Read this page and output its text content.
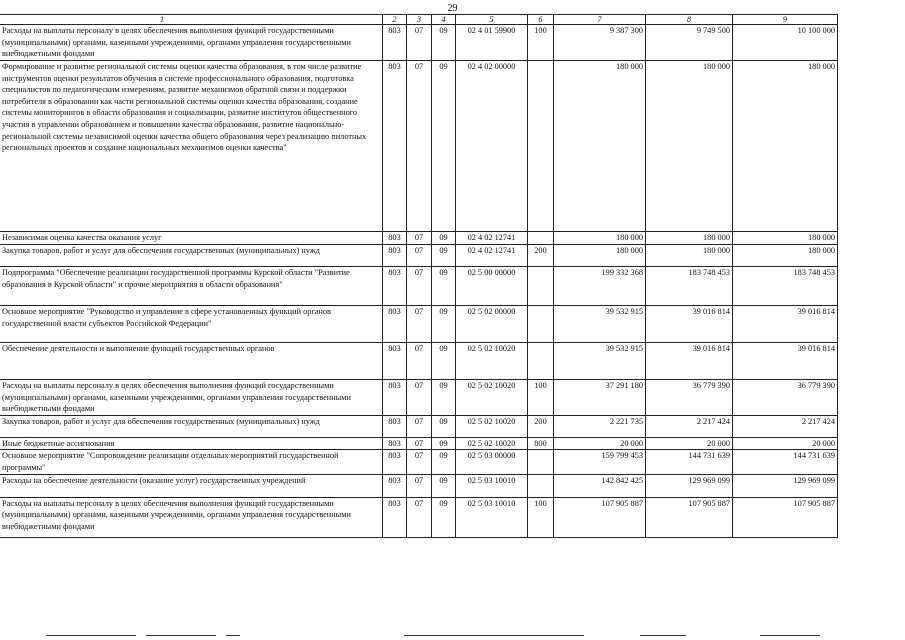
29
1	2	3	4	5	6	7	8	9
Расходы на выплаты персоналу в целях обеспечения выполнения функций государственными (муниципальными) органами, казенными учреждениями, органами управления государственными внебюджетными фондами	803	07	09	02 4 01 59900	100	9 387 300	9 749 500	10 100 000
Формирование и развитие региональной системы оценки качества образования, в том числе развитие инструментов оценки результатов обучения в системе профессионального образования, подготовка специалистов по педагогическим измерениям, развитие механизмов обратной связи и поддержки потребителя в образовании как части региональной системы оценки качества образования, создание системы мониторингов в области образования и социализации, развитие институтов общественного участия в управлении образованием и повышении качества образования, развитие национально-региональной системы независимой оценки качества общего образования через реализацию пилотных региональных проектов и создание национальных механизмов оценки качества"	803	07	09	02 4 02 00000		180 000	180 000	180 000
Независимая оценка качества оказания услуг	803	07	09	02 4 02 12741		180 000	180 000	180 000
Закупка товаров, работ и услуг для обеспечения государственных (муниципальных) нужд	803	07	09	02 4 02 12741	200	180 000	180 000	180 000
Подпрограмма "Обеспечение реализации государственной программы Курской области "Развитие образования в Курской области" и прочие мероприятия в области образования"	803	07	09	02 5 00 00000		199 332 368	183 748 453	183 748 453
Основное мероприятие "Руководство и управление в сфере установленных функций органов государственной власти субъектов Российской Федерации"	803	07	09	02 5 02 00000		39 532 915	39 016 814	39 016 814
Обеспечение деятельности и выполнение функций государственных органов	803	07	09	02 5 02 10020		39 532 915	39 016 814	39 016 814
Расходы на выплаты персоналу в целях обеспечения выполнения функций государственными (муниципальными) органами, казенными учреждениями, органами управления государственными внебюджетными фондами	803	07	09	02 5 02 10020	100	37 291 180	36 779 390	36 779 390
Закупка товаров, работ и услуг для обеспечения государственных (муниципальных) нужд	803	07	09	02 5 02 10020	200	2 221 735	2 217 424	2 217 424
Иные бюджетные ассигнования	803	07	09	02 5 02 10020	800	20 000	20 000	20 000
Основное мероприятие "Сопровождение реализации отдельных мероприятий государственной программы"	803	07	09	02 5 03 00000		159 799 453	144 731 639	144 731 639
Расходы на обеспечение деятельности (оказание услуг) государственных учреждений	803	07	09	02 5 03 10010		142 842 425	129 969 099	129 969 099
Расходы на выплаты персоналу в целях обеспечения выполнения функций государственными (муниципальными) органами, казенными учреждениями, органами управления государственными внебюджетными фондами	803	07	09	02 5 03 10010	100	107 905 887	107 905 887	107 905 887
